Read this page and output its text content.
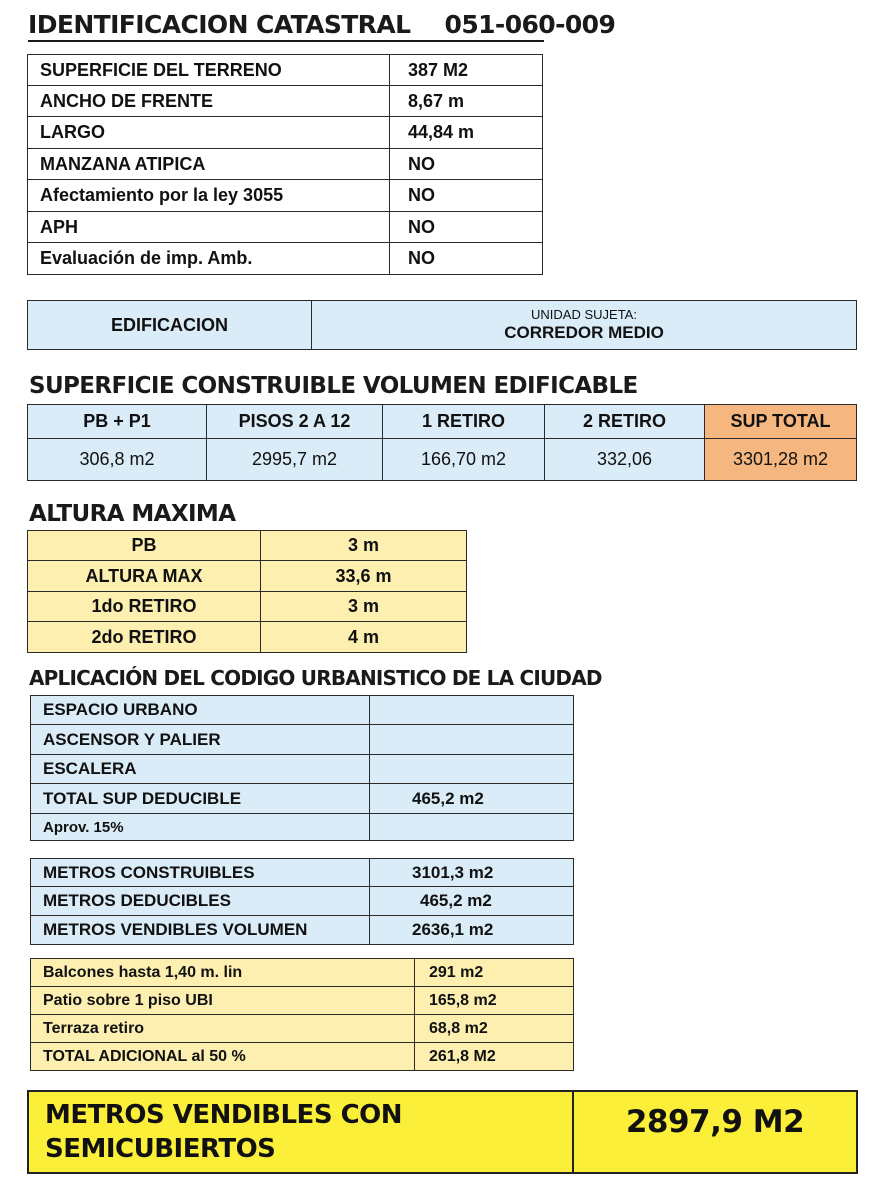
IDENTIFICACION CATASTRAL 051-060-009
SUPERFICIE DEL TERRENO	387 M2
ANCHO DE FRENTE	8,67 m
LARGO	44,84 m
MANZANA ATIPICA	NO
Afectamiento por la ley 3055	NO
APH	NO
Evaluación de imp. Amb.	NO
EDIFICACION	UNIDAD SUJETA:
CORREDOR MEDIO
SUPERFICIE CONSTRUIBLE VOLUMEN EDIFICABLE
PB + P1	PISOS 2 A 12	1 RETIRO	2 RETIRO	SUP TOTAL
306,8 m2	2995,7 m2	166,70 m2	332,06	3301,28 m2
ALTURA MAXIMA
PB	3 m
ALTURA MAX	33,6 m
1do RETIRO	3 m
2do RETIRO	4 m
APLICACIÓN DEL CODIGO URBANISTICO DE LA CIUDAD
ESPACIO URBANO	
ASCENSOR Y PALIER	
ESCALERA	
TOTAL SUP DEDUCIBLE	465,2 m2
Aprov. 15%	
METROS CONSTRUIBLES	3101,3 m2
METROS DEDUCIBLES	465,2 m2
METROS VENDIBLES VOLUMEN	2636,1 m2
Balcones hasta 1,40 m. lin	291 m2
Patio sobre 1 piso UBI	165,8 m2
Terraza retiro	68,8 m2
TOTAL ADICIONAL al 50 %	261,8 M2
METROS VENDIBLES CON
SEMICUBIERTOS
	2897,9 M2
